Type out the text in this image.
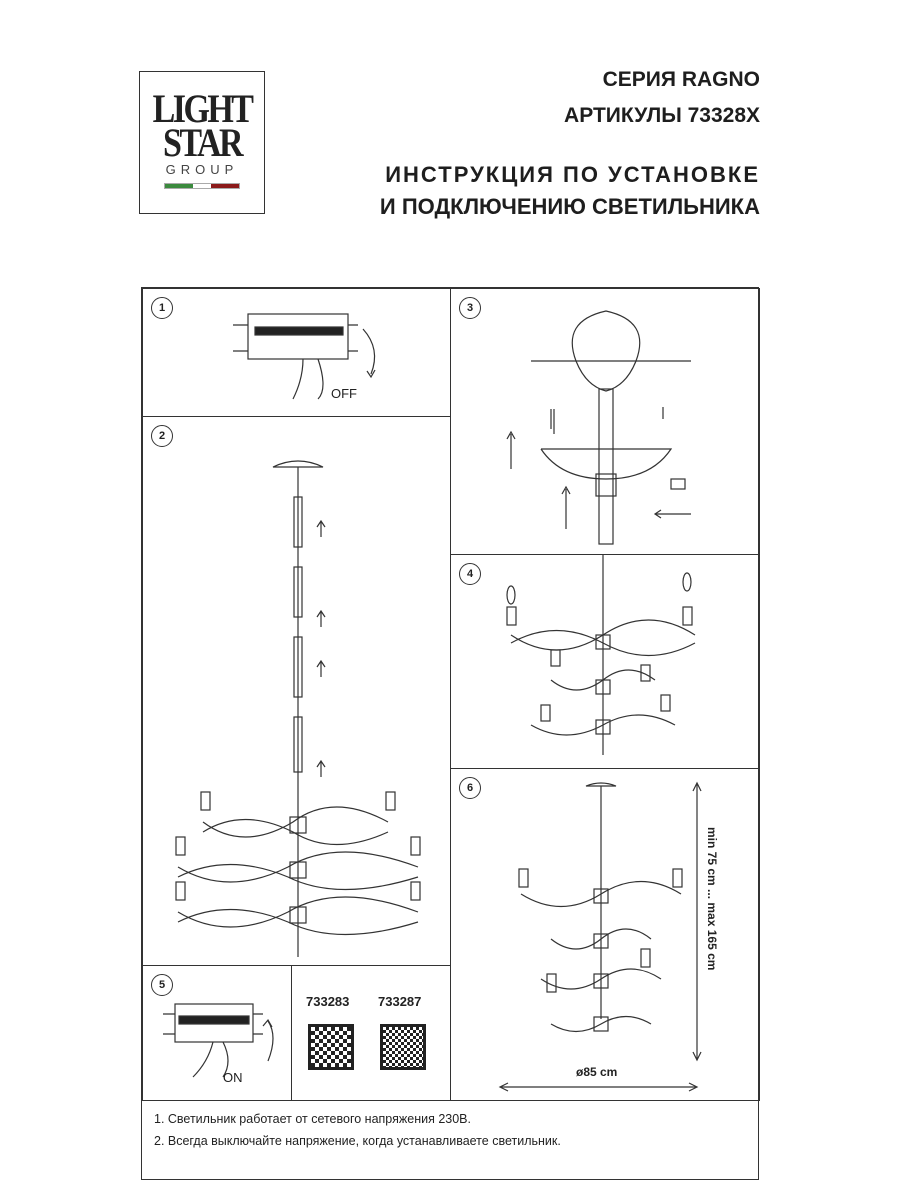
LIGHT
STAR
GROUP
СЕРИЯ RAGNO
АРТИКУЛЫ 73328X
ИНСТРУКЦИЯ ПО УСТАНОВКЕ
И ПОДКЛЮЧЕНИЮ СВЕТИЛЬНИКА
1
OFF
2
5
ON
733283 733287
3
4
6
min 75 cm ... max 165 cm
ø85 cm
1. Светильник работает от сетевого напряжения 230В.
2. Всегда выключайте напряжение, когда устанавливаете светильник.
